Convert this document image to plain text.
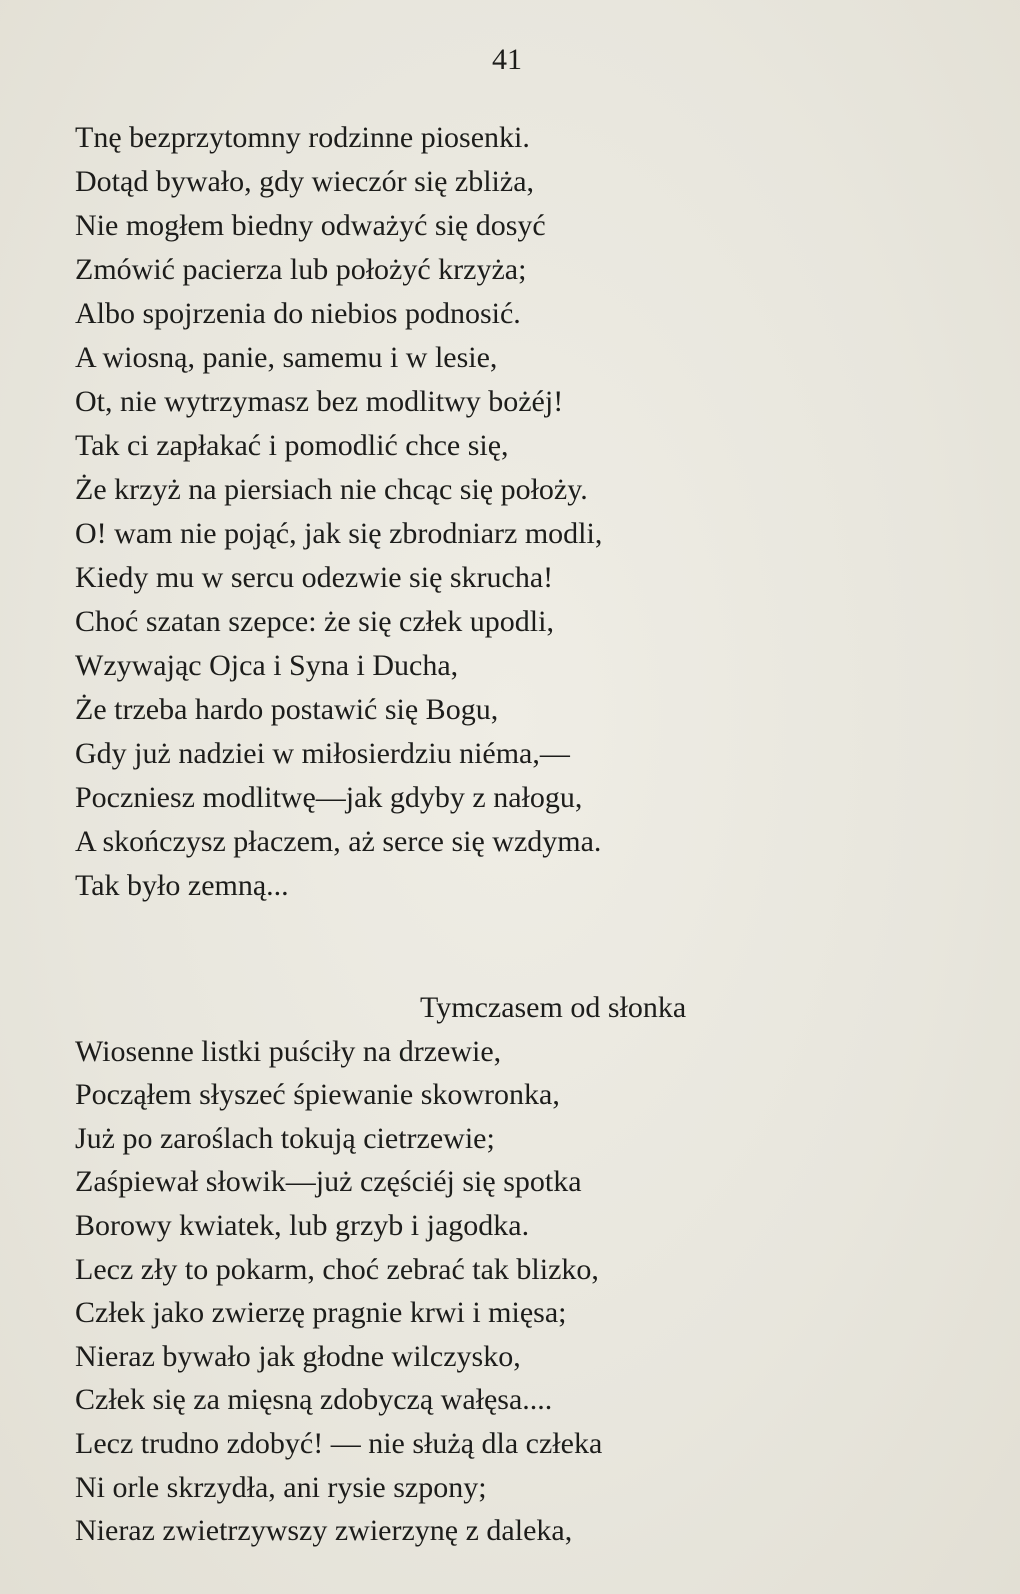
41
Tnę bezprzytomny rodzinne piosenki.
Dotąd bywało, gdy wieczór się zbliża,
Nie mogłem biedny odważyć się dosyć
Zmówić pacierza lub położyć krzyża;
Albo spojrzenia do niebios podnosić.
A wiosną, panie, samemu i w lesie,
Ot, nie wytrzymasz bez modlitwy bożéj!
Tak ci zapłakać i pomodlić chce się,
Że krzyż na piersiach nie chcąc się położy.
O! wam nie pojąć, jak się zbrodniarz modli,
Kiedy mu w sercu odezwie się skrucha!
Choć szatan szepce: że się człek upodli,
Wzywając Ojca i Syna i Ducha,
Że trzeba hardo postawić się Bogu,
Gdy już nadziei w miłosierdziu niéma,—
Poczniesz modlitwę—jak gdyby z nałogu,
A skończysz płaczem, aż serce się wzdyma.
Tak było zemną...
Tymczasem od słonka
Wiosenne listki puściły na drzewie,
Począłem słyszeć śpiewanie skowronka,
Już po zaroślach tokują cietrzewie;
Zaśpiewał słowik—już częściéj się spotka
Borowy kwiatek, lub grzyb i jagodka.
Lecz zły to pokarm, choć zebrać tak blizko,
Człek jako zwierzę pragnie krwi i mięsa;
Nieraz bywało jak głodne wilczysko,
Człek się za mięsną zdobyczą wałęsa....
Lecz trudno zdobyć! — nie służą dla człeka
Ni orle skrzydła, ani rysie szpony;
Nieraz zwietrzywszy zwierzynę z daleka,
